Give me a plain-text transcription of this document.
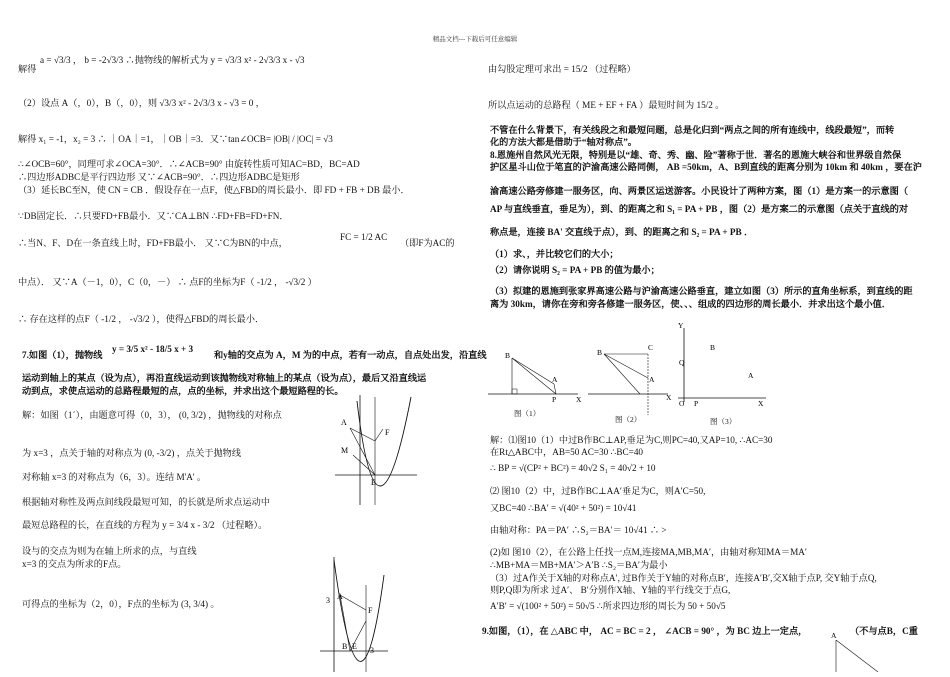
精品文档---下载后可任意编辑
解得
a = √3/3 ， b = -2√3/3 ∴抛物线的解析式为 y = √3/3 x² - 2√3/3 x - √3
（2）设点 A（，0），B（，0），则 √3/3 x² - 2√3/3 x - √3 = 0 ，
解得 x₁ = -1，x₂ = 3 ∴ ｜OA｜=1，｜OB｜=3．又∵tan∠OCB= |OB| / |OC| = √3
∴∠OCB=60°，同理可求∠OCA=30°．∴∠ACB=90° 由旋转性质可知AC=BD，BC=AD
∴四边形ADBC是平行四边形 又∵∠ACB=90°．∴四边形ADBC是矩形
（3）延长BC至N，使 CN = CB ．假设存在一点F，使△FBD的周长最小．即 FD + FB + DB 最小．
∵DB固定长．∴只要FD+FB最小．又∵CA⊥BN ∴FD+FB=FD+FN．
∴当N、F、D在一条直线上时，FD+FB最小． 又∵C为BN的中点，
FC = 1/2 AC
（即F为AC的
中点）． 又∵A（－1，0），C（0，－） ∴ 点F的坐标为F（ -1/2 ， -√3/2 ）
∴ 存在这样的点F（ -1/2 ， -√3/2 ），使得△FBD的周长最小．
7.如图（1），抛物线
y = 3/5 x² - 18/5 x + 3
和y轴的交点为 A，M 为的中点，若有一动点，自点处出发，沿直线
运动到轴上的某点（设为点），再沿直线运动到该抛物线对称轴上的某点（设为点），最后又沿直线运
动到点，求使点运动的总路程最短的点，点的坐标，并求出这个最短路程的长。
解：如图（1ˊ），由题意可得（0，3）， (0, 3/2) ，抛物线的对称点
为 x=3 ，点关于轴的对称点为 (0, -3/2) ，点关于抛物线
对称轴 x=3 的对称点为（6，3）。连结 M'A' 。
根据轴对称性及两点间线段最短可知，的长就是所求点运动中
最短总路程的长，在直线的方程为 y = 3/4 x - 3/2 （过程略）。
设与的交点为则为在轴上所求的点，与直线
x=3 的交点为所求的F点。
可得点的坐标为（2，0），F点的坐标为 (3, 3/4) 。
A
F
M
E
3 A
F
B E 3
由勾股定理可求出 = 15/2 （过程略）
所以点运动的总路程（ ME + EF + FA ）最短时间为 15/2 。
不管在什么背景下，有关线段之和最短问题，总是化归到“两点之间的所有连线中，线段最短”，而转
化的方法大都是借助于“轴对称点”。
8.恩施州自然风光无限，特别是以“雄、奇、秀、幽、险”著称于世．著名的恩施大峡谷和世界级自然保
护区星斗山位于笔直的沪渝高速公路同侧， AB =50km，A、B到直线的距离分别为 10km 和 40km ，要在沪
渝高速公路旁修建一服务区，向、两景区运送游客。小民设计了两种方案，图（1）是方案一的示意图（
AP 与直线垂直，垂足为），到、的距离之和 S₁ = PA + PB ，图（2）是方案二的示意图（点关于直线的对
称点是，连接 BA' 交直线于点），到、的距离之和 S₂ = PA + PB ．
（1）求、，并比较它们的大小；
（2）请你说明 S₂ = PA + PB 的值为最小；
（3）拟建的恩施到张家界高速公路与沪渝高速公路垂直，建立如图（3）所示的直角坐标系，到直线的距
离为 30km，请你在旁和旁各修建一服务区，使、、、组成的四边形的周长最小．并求出这个最小值．
B
A
P	X
B
C
A
X
Y
Q
B
A
O P	X
图（1）
图（2）	图（3）
解：⑴图10（1）中过B作BC⊥AP,垂足为C,则PC=40,又AP=10, ∴AC=30
在Rt△ABC中，AB=50 AC=30 ∴BC=40
∴ BP = √(CP² + BC²) = 40√2 S₁ = 40√2 + 10
⑵ 图10（2）中，过B作BC⊥AA′垂足为C，则A′C=50,
又BC=40 ∴BA′ = √(40² + 50²) = 10√41
由轴对称：PA＝PA′ ∴S₂＝BA′＝ 10√41 ∴ >
(2)如 图10（2），在公路上任找一点M,连接MA,MB,MA′，由轴对称知MA＝MA′
∴MB+MA＝MB+MA′＞A′B ∴S₂＝BA′为最小
（3）过A作关于X轴的对称点A′, 过B作关于Y轴的对称点B′，连接A′B′,交X轴于点P, 交Y轴于点Q,
则P,Q即为所求 过A′、 B′分别作X轴、Y轴的平行线交于点G,
A′B′ = √(100² + 50²) = 50√5 ∴所求四边形的周长为 50 + 50√5
9.如图，（1），在 △ABC 中， AC = BC = 2 ， ∠ACB = 90° ，为 BC 边上一定点，	（不与点B，C重
A
